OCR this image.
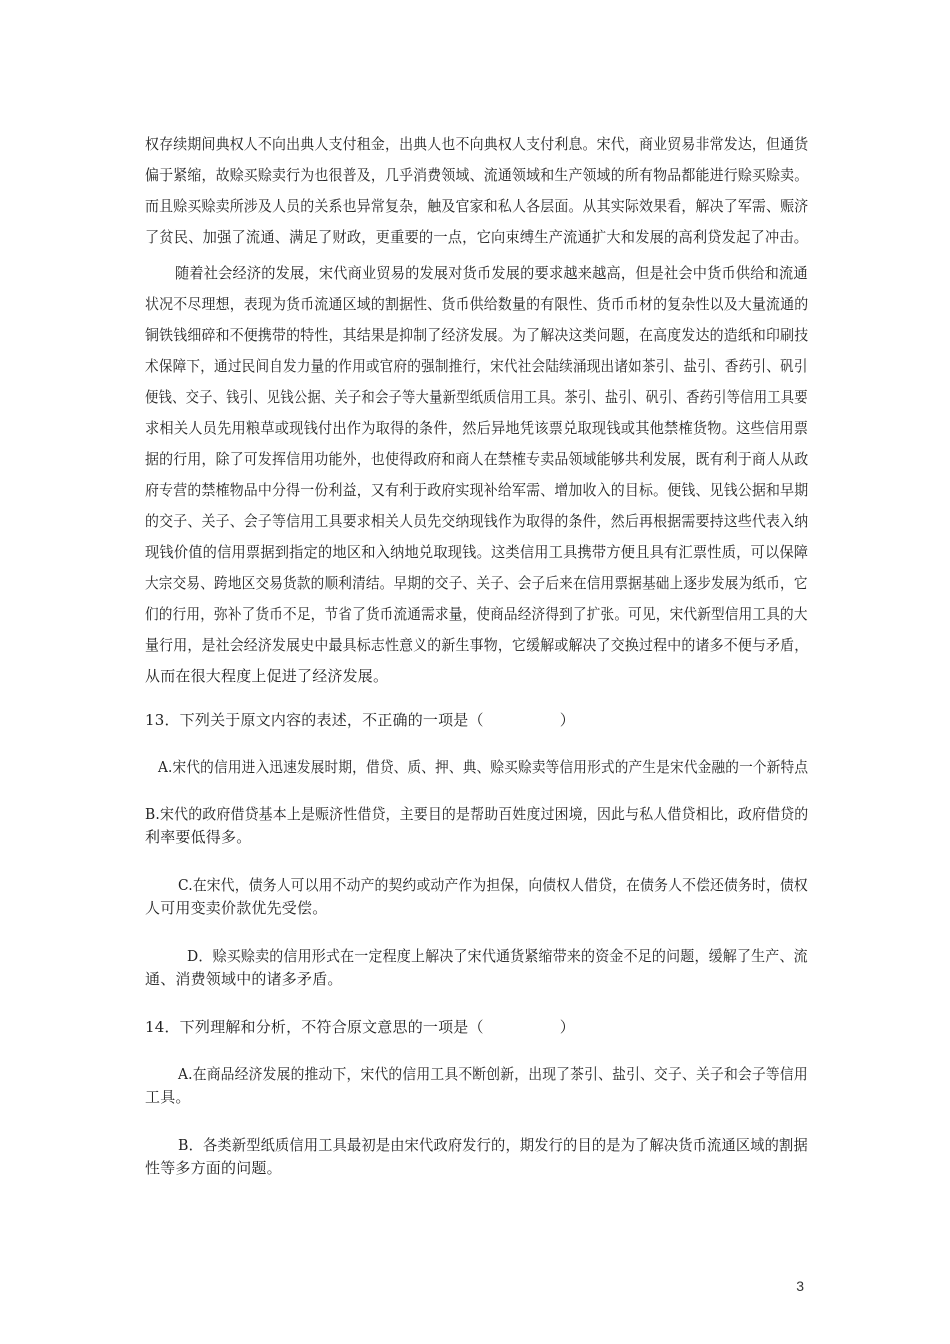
权存续期间典权人不向出典人支付租金，出典人也不向典权人支付利息。宋代，商业贸易非常发达，但通货
偏于紧缩，故赊买赊卖行为也很普及，几乎消费领域、流通领域和生产领域的所有物品都能进行赊买赊卖。
而且赊买赊卖所涉及人员的关系也异常复杂，触及官家和私人各层面。从其实际效果看，解决了军需、赈济
了贫民、加强了流通、满足了财政，更重要的一点，它向束缚生产流通扩大和发展的高利贷发起了冲击。
随着社会经济的发展，宋代商业贸易的发展对货币发展的要求越来越高，但是社会中货币供给和流通
状况不尽理想，表现为货币流通区域的割据性、货币供给数量的有限性、货币币材的复杂性以及大量流通的
铜铁钱细碎和不便携带的特性，其结果是抑制了经济发展。为了解决这类问题，在高度发达的造纸和印刷技
术保障下，通过民间自发力量的作用或官府的强制推行，宋代社会陆续涌现出诸如茶引、盐引、香药引、矾引
便钱、交子、钱引、见钱公据、关子和会子等大量新型纸质信用工具。茶引、盐引、矾引、香药引等信用工具要
求相关人员先用粮草或现钱付出作为取得的条件，然后异地凭该票兑取现钱或其他禁榷货物。这些信用票
据的行用，除了可发挥信用功能外，也使得政府和商人在禁榷专卖品领域能够共利发展，既有利于商人从政
府专营的禁榷物品中分得一份利益，又有利于政府实现补给军需、增加收入的目标。便钱、见钱公据和早期
的交子、关子、会子等信用工具要求相关人员先交纳现钱作为取得的条件，然后再根据需要持这些代表入纳
现钱价值的信用票据到指定的地区和入纳地兑取现钱。这类信用工具携带方便且具有汇票性质，可以保障
大宗交易、跨地区交易货款的顺利清结。早期的交子、关子、会子后来在信用票据基础上逐步发展为纸币，它
们的行用，弥补了货币不足，节省了货币流通需求量，使商品经济得到了扩张。可见，宋代新型信用工具的大
量行用，是社会经济发展史中最具标志性意义的新生事物，它缓解或解决了交换过程中的诸多不便与矛盾，
从而在很大程度上促进了经济发展。
13．下列关于原文内容的表述，不正确的一项是（　　　　　）
A.宋代的信用进入迅速发展时期，借贷、质、押、典、赊买赊卖等信用形式的产生是宋代金融的一个新特点
B.宋代的政府借贷基本上是赈济性借贷，主要目的是帮助百姓度过困境，因此与私人借贷相比，政府借贷的
利率要低得多。
C.在宋代，债务人可以用不动产的契约或动产作为担保，向债权人借贷，在债务人不偿还债务时，债权
人可用变卖价款优先受偿。
D．赊买赊卖的信用形式在一定程度上解决了宋代通货紧缩带来的资金不足的问题，缓解了生产、流
通、消费领域中的诸多矛盾。
14．下列理解和分析，不符合原文意思的一项是（　　　　　）
A.在商品经济发展的推动下，宋代的信用工具不断创新，出现了茶引、盐引、交子、关子和会子等信用
工具。
B．各类新型纸质信用工具最初是由宋代政府发行的，期发行的目的是为了解决货币流通区域的割据
性等多方面的问题。
3
